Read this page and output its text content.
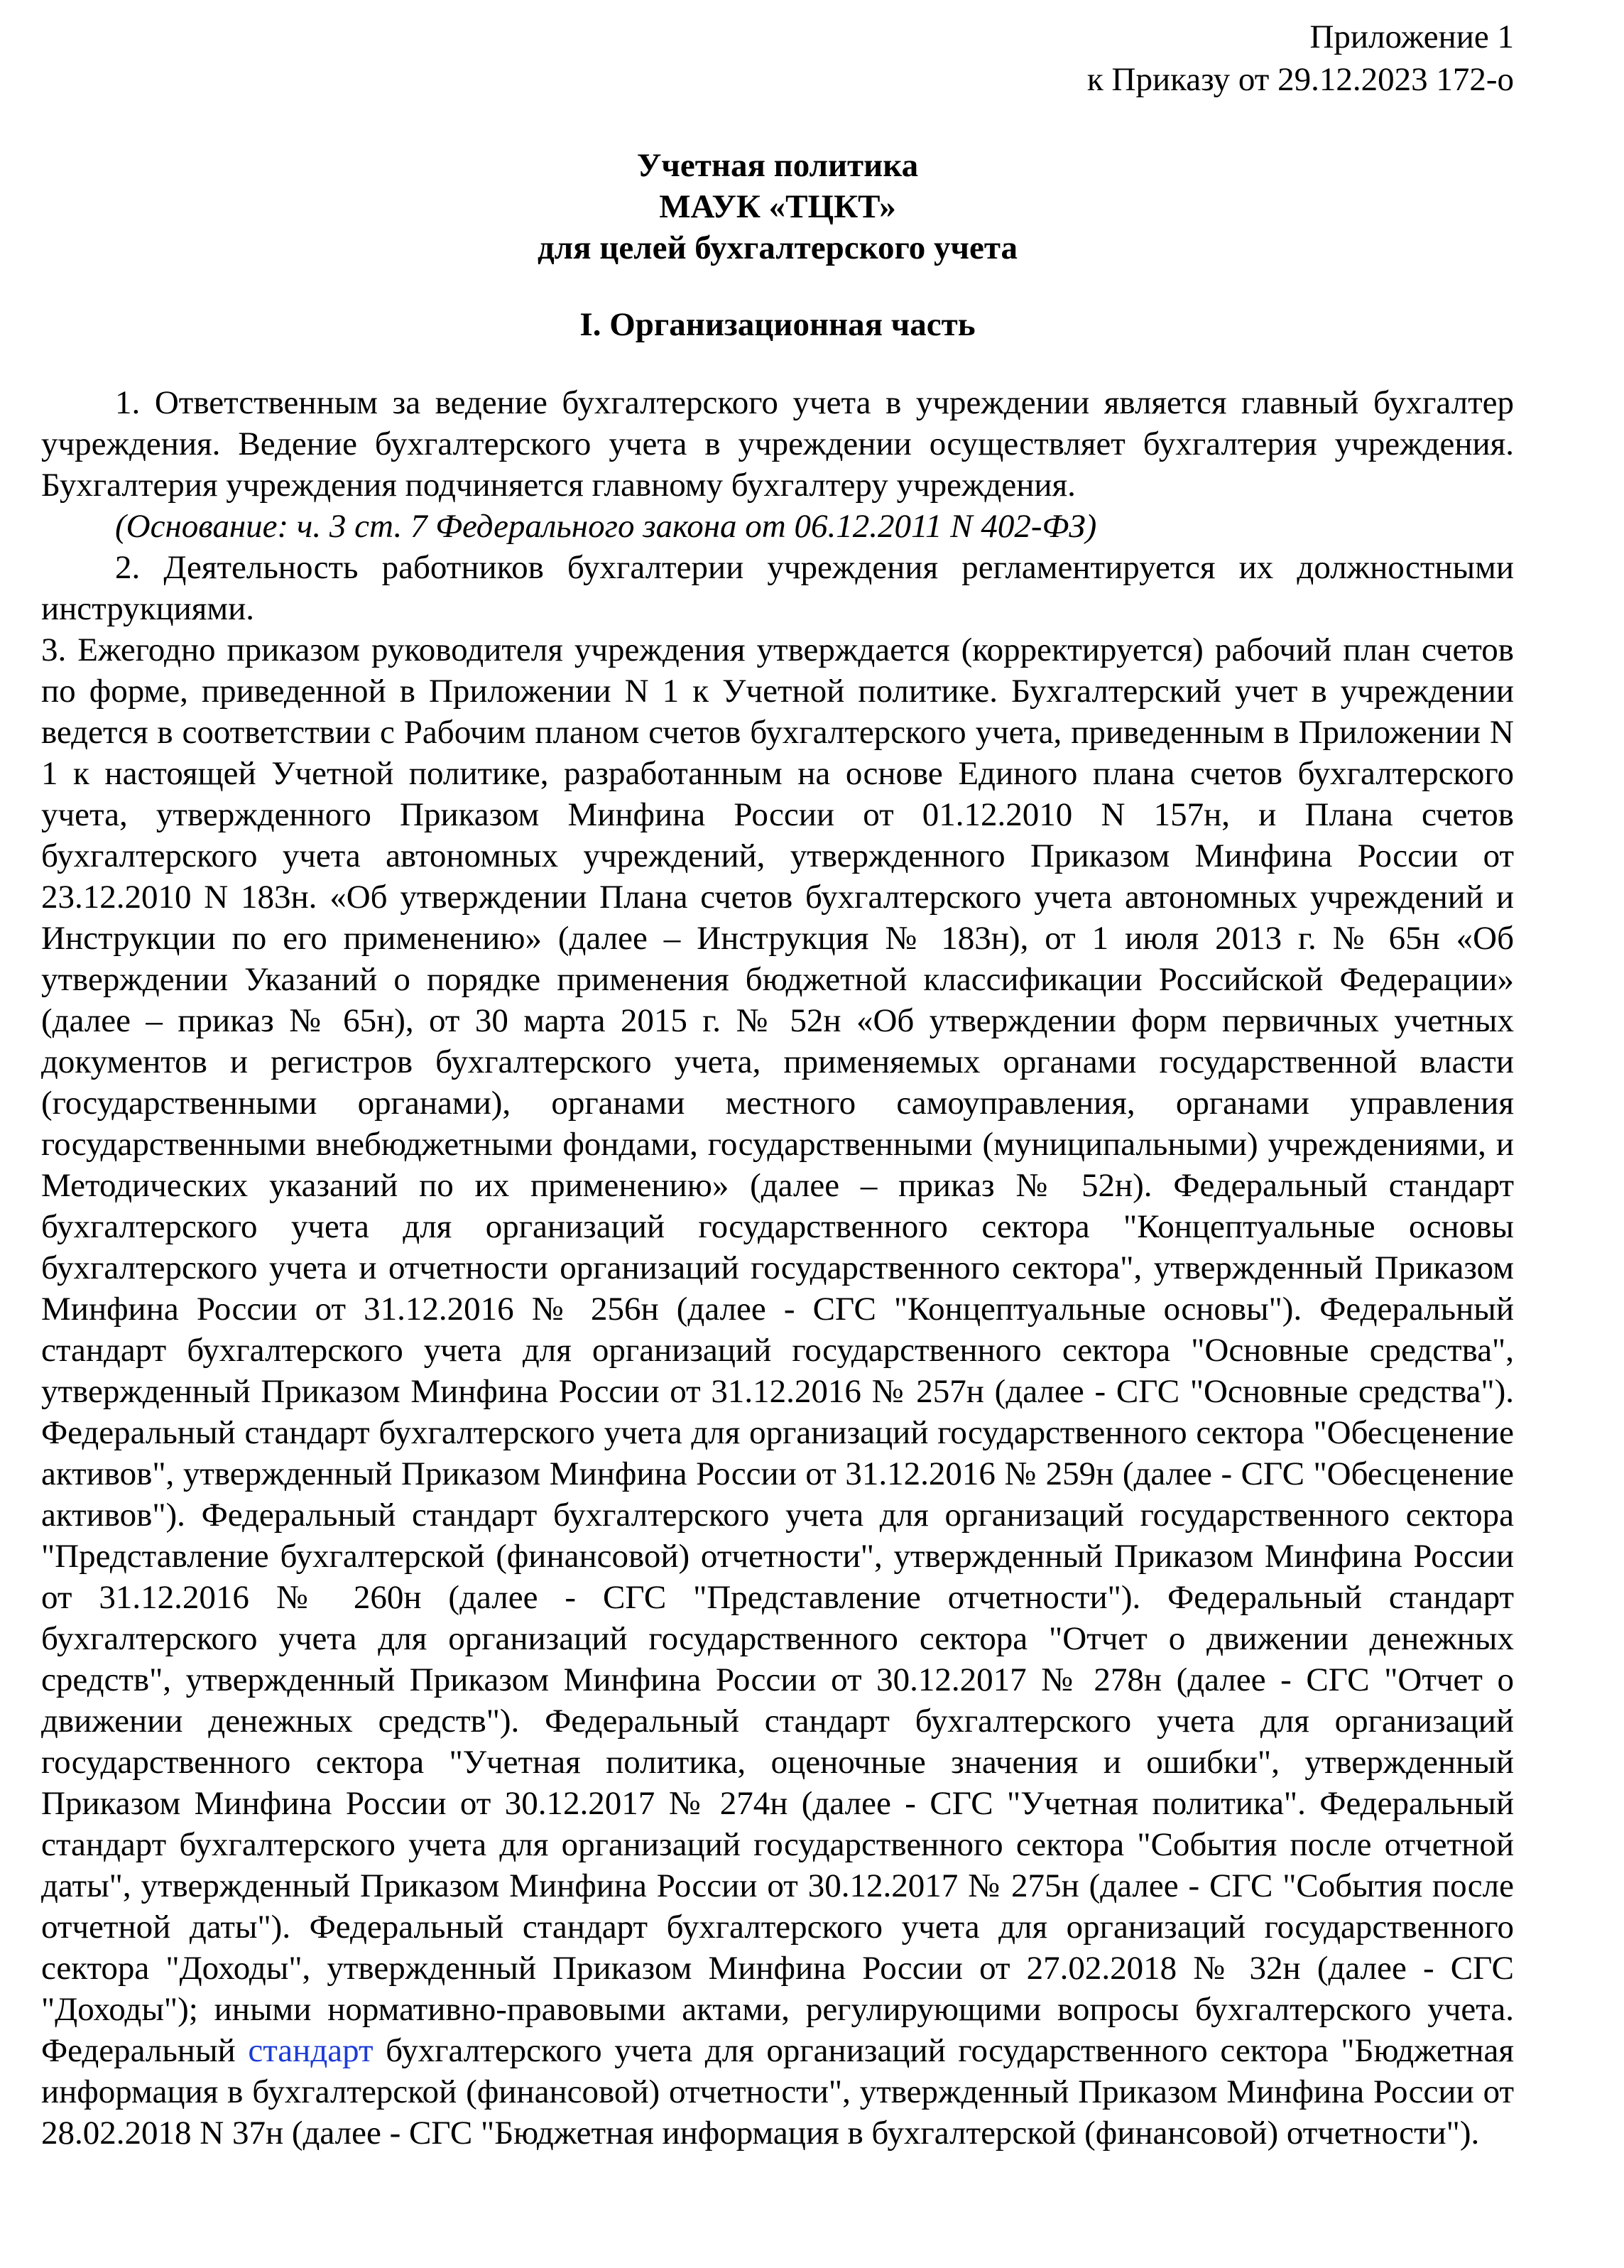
Приложение 1
к Приказу от 29.12.2023 172-о
Учетная политика
МАУК «ТЦКТ»
для целей бухгалтерского учета
I. Организационная часть

1. Ответственным за ведение бухгалтерского учета в учреждении является главный бухгалтер учреждения. Ведение бухгалтерского учета в учреждении осуществляет бухгалтерия учреждения. Бухгалтерия учреждения подчиняется главному бухгалтеру учреждения.

(Основание: ч. 3 ст. 7 Федерального закона от 06.12.2011 N 402-ФЗ)

2. Деятельность работников бухгалтерии учреждения регламентируется их должностными инструкциями.

3. Ежегодно приказом руководителя учреждения утверждается (корректируется) рабочий план счетов по форме, приведенной в Приложении N 1 к Учетной политике. Бухгалтерский учет в учреждении ведется в соответствии с Рабочим планом счетов бухгалтерского учета, приведенным в Приложении N 1 к настоящей Учетной политике, разработанным на основе Единого плана счетов бухгалтерского учета, утвержденного Приказом Минфина России от 01.12.2010 N 157н, и Плана счетов бухгалтерского учета автономных учреждений, утвержденного Приказом Минфина России от 23.12.2010 N 183н. «Об утверждении Плана счетов бухгалтерского учета автономных учреждений и Инструкции по его применению» (далее – Инструкция № 183н), от 1 июля 2013 г. № 65н «Об утверждении Указаний о порядке применения бюджетной классификации Российской Федерации» (далее – приказ № 65н), от 30 марта 2015 г. № 52н «Об утверждении форм первичных учетных документов и регистров бухгалтерского учета, применяемых органами государственной власти (государственными органами), органами местного самоуправления, органами управления государственными внебюджетными фондами, государственными (муниципальными) учреждениями, и Методических указаний по их применению» (далее – приказ № 52н). Федеральный стандарт бухгалтерского учета для организаций государственного сектора "Концептуальные основы бухгалтерского учета и отчетности организаций государственного сектора", утвержденный Приказом Минфина России от 31.12.2016 № 256н (далее - СГС "Концептуальные основы"). Федеральный стандарт бухгалтерского учета для организаций государственного сектора "Основные средства", утвержденный Приказом Минфина России от 31.12.2016 № 257н (далее - СГС "Основные средства"). Федеральный стандарт бухгалтерского учета для организаций государственного сектора "Обесценение активов", утвержденный Приказом Минфина России от 31.12.2016 № 259н (далее - СГС "Обесценение активов"). Федеральный стандарт бухгалтерского учета для организаций государственного сектора "Представление бухгалтерской (финансовой) отчетности", утвержденный Приказом Минфина России от 31.12.2016 № 260н (далее - СГС "Представление отчетности"). Федеральный стандарт бухгалтерского учета для организаций государственного сектора "Отчет о движении денежных средств", утвержденный Приказом Минфина России от 30.12.2017 № 278н (далее - СГС "Отчет о движении денежных средств"). Федеральный стандарт бухгалтерского учета для организаций государственного сектора "Учетная политика, оценочные значения и ошибки", утвержденный Приказом Минфина России от 30.12.2017 № 274н (далее - СГС "Учетная политика". Федеральный стандарт бухгалтерского учета для организаций государственного сектора "События после отчетной даты", утвержденный Приказом Минфина России от 30.12.2017 № 275н (далее - СГС "События после отчетной даты"). Федеральный стандарт бухгалтерского учета для организаций государственного сектора "Доходы", утвержденный Приказом Минфина России от 27.02.2018 № 32н (далее - СГС "Доходы"); иными нормативно-правовыми актами, регулирующими вопросы бухгалтерского учета. Федеральный стандарт бухгалтерского учета для организаций государственного сектора "Бюджетная информация в бухгалтерской (финансовой) отчетности", утвержденный Приказом Минфина России от 28.02.2018 N 37н (далее - СГС "Бюджетная информация в бухгалтерской (финансовой) отчетности").
